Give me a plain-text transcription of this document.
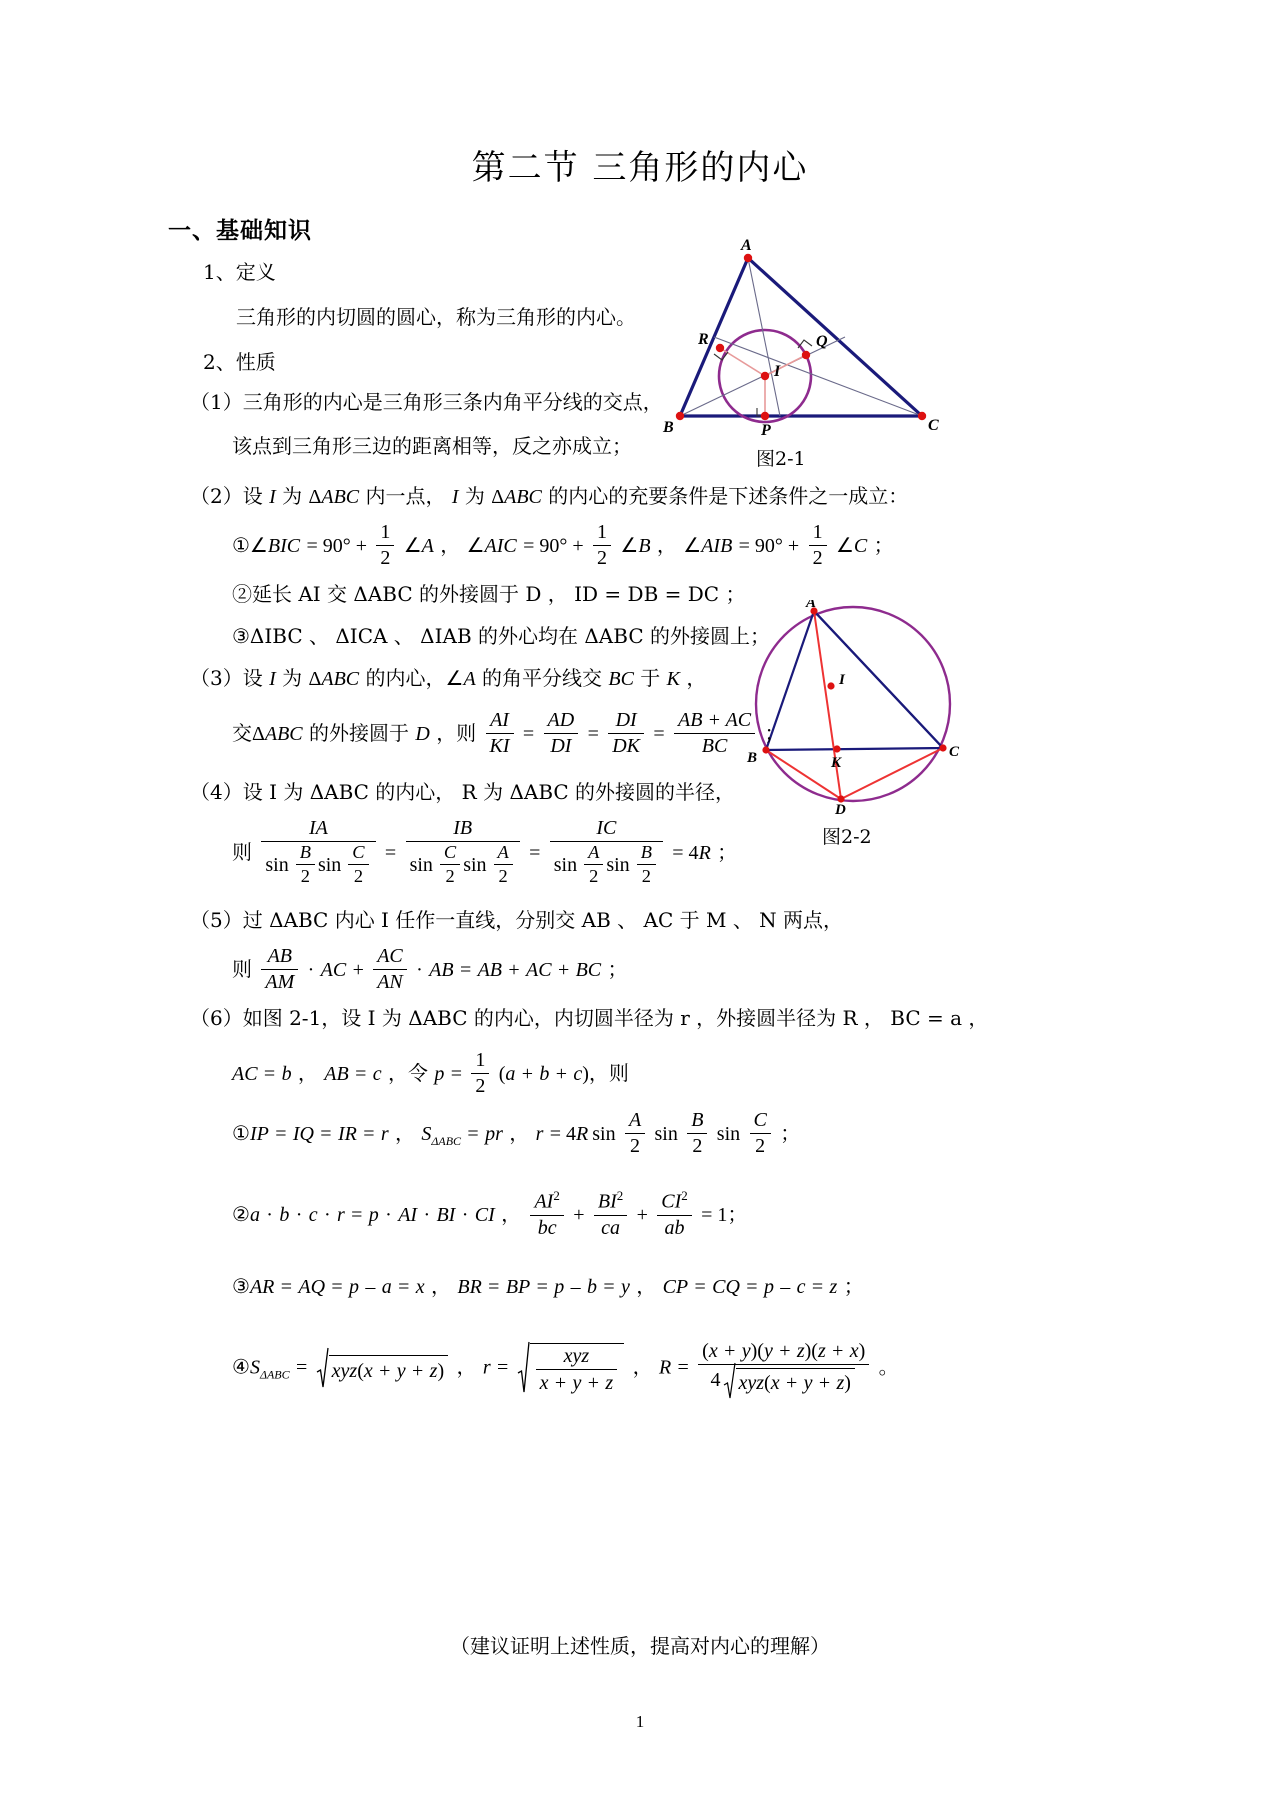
第二节 三角形的内心
一、基础知识
1、定义
三角形的内切圆的圆心，称为三角形的内心。
2、性质
（1）三角形的内心是三角形三条内角平分线的交点，
该点到三角形三边的距离相等，反之亦成立；
A
B	C
I
P
Q
R
图2-1
（2）设 I 为 ΔABC 内一点， I 为 ΔABC 的内心的充要条件是下述条件之一成立：
①∠BIC = $90^\circ + \frac{1}{2}$ ∠A ， ∠AIC = $90^\circ + \frac{1}{2}$ ∠B ， ∠AIB = $90^\circ + \frac{1}{2}$ ∠C ；
②延长 AI 交 ΔABC 的外接圆于 D ， ID = DB = DC ；
③ΔIBC 、 ΔICA 、 ΔIAB 的外心均在 ΔABC 的外接圆上；
A
B	C
I
K
D
图2-2
（3）设 I 为 ΔABC 的内心，∠A 的角平分线交 BC 于 K ，
交ΔABC 的外接圆于 D ，则 $\frac{AI}{KI} = \frac{AD}{DI} = \frac{DI}{DK} = \frac{AB + AC}{BC}$ ；
（4）设 I 为 ΔABC 的内心， R 为 ΔABC 的外接圆的半径，
则 $\frac{IA}{\sin \frac{B}{2} \sin \frac{C}{2}} = \frac{IB}{\sin \frac{C}{2} \sin \frac{A}{2}} = \frac{IC}{\sin \frac{A}{2} \sin \frac{B}{2}} = 4R$ ；
（5）过 ΔABC 内心 I 任作一直线，分别交 AB 、 AC 于 M 、 N 两点，
则 $\frac{AB}{AM}$ · AC + $\frac{AC}{AN}$ · AB = AB + AC + BC ；
（6）如图 2-1，设 I 为 ΔABC 的内心，内切圆半径为 r ，外接圆半径为 R ， BC = a ，
AC = b ， AB = c ，令 $p = \frac{1}{2} (a + b + c)$，则
①IP = IQ = IR = r ， $S_{\Delta ABC}$ = pr ， r = 4R $\sin \frac{A}{2}$ $\sin \frac{B}{2}$ $\sin \frac{C}{2}$ ；
②a · b · c · r = p · AI · BI · CI ， $\frac{AI^2}{bc} + \frac{BI^2}{ca} + \frac{CI^2}{ab} = 1$；
③AR = AQ = p – a = x ， BR = BP = p – b = y ， CP = CQ = p – c = z ；
$④S_{\Delta ABC} = xyz(x + y + z)$ ， $r = \frac{\text{xyz}}{x + y + z}$ ， $R = \frac{(x + y)(y + z)(z + x)}{\text{4 xyz(x + y + z)}}$ 。
（建议证明上述性质，提高对内心的理解）
1
